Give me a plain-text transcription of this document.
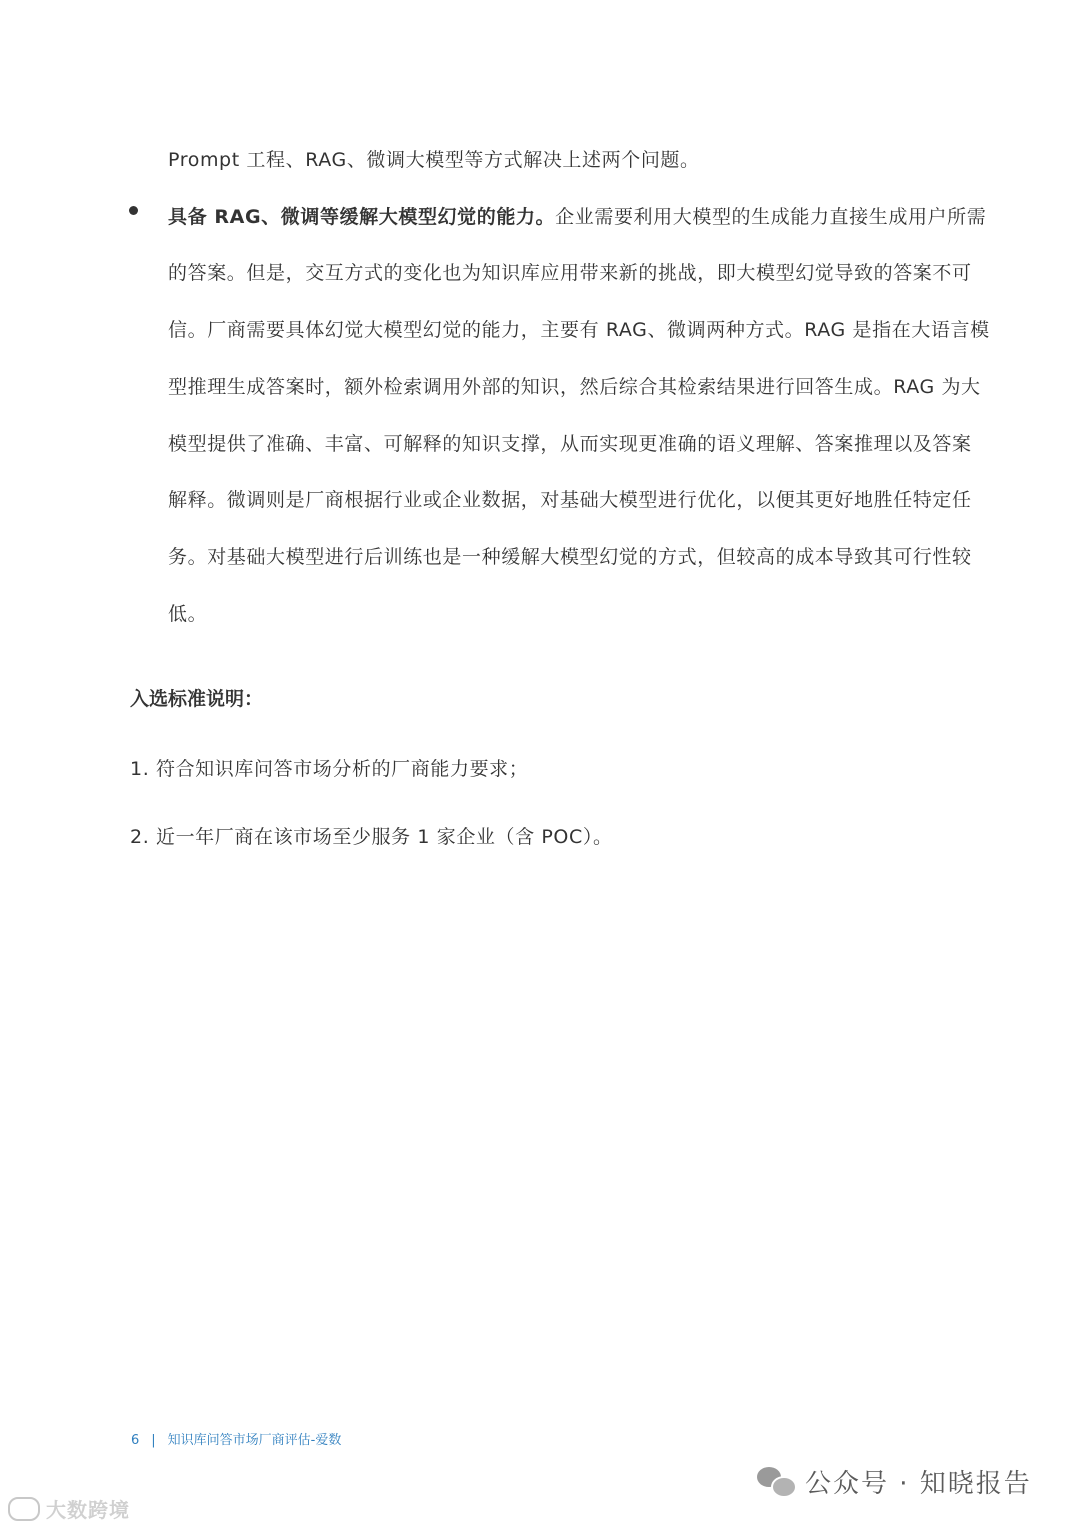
Prompt 工程、RAG、微调大模型等方式解决上述两个问题。
具备 RAG、微调等缓解大模型幻觉的能力。企业需要利用大模型的生成能力直接生成用户所需
的答案。但是，交互方式的变化也为知识库应用带来新的挑战，即大模型幻觉导致的答案不可
信。厂商需要具体幻觉大模型幻觉的能力，主要有 RAG、微调两种方式。RAG 是指在大语言模
型推理生成答案时，额外检索调用外部的知识，然后综合其检索结果进行回答生成。RAG 为大
模型提供了准确、丰富、可解释的知识支撑，从而实现更准确的语义理解、答案推理以及答案
解释。微调则是厂商根据行业或企业数据，对基础大模型进行优化，以便其更好地胜任特定任
务。对基础大模型进行后训练也是一种缓解大模型幻觉的方式，但较高的成本导致其可行性较
低。
入选标准说明：
1. 符合知识库问答市场分析的厂商能力要求；
2. 近一年厂商在该市场至少服务 1 家企业（含 POC）。
6 | 知识库问答市场厂商评估-爱数
公众号 · 知晓报告
大数跨境
